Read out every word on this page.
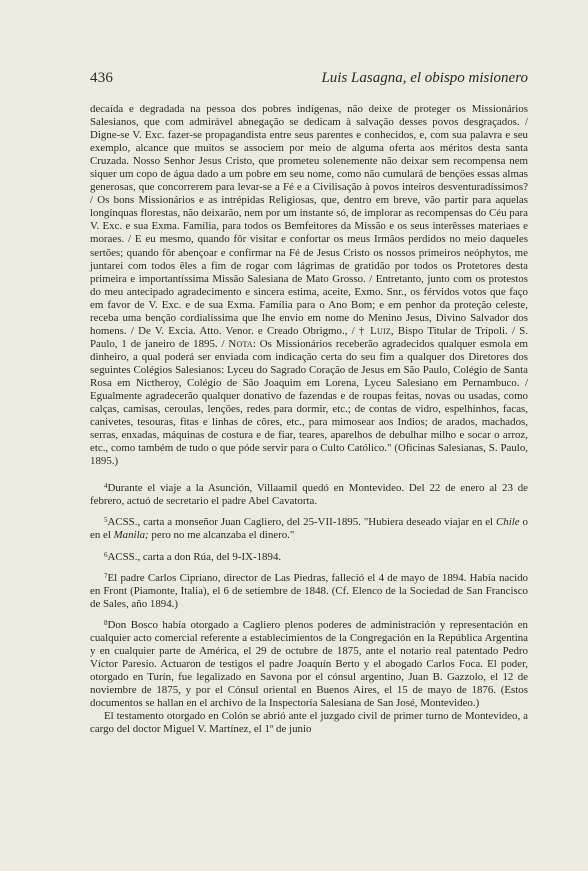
436	Luis Lasagna, el obispo misionero

decaída e degradada na pessoa dos pobres indígenas, não deixe de proteger os Missionários Salesianos, que com admirável abnegação se dedicam à salvação desses povos desgraçados. / Digne-se V. Exc. fazer-se propagandista entre seus parentes e conhecidos, e, com sua palavra e seu exemplo, alcance que muitos se associem por meio de alguma oferta aos méritos desta santa Cruzada. Nosso Senhor Jesus Cristo, que prometeu solenemente não deixar sem recompensa nem siquer um copo de água dado a um pobre em seu nome, como não cumulará de bençöes essas almas generosas, que concorrerem para levar-se a Fé e a Civilisação à povos inteiros desventuradíssimos? / Os bons Missionários e as intrépidas Religiosas, que, dentro em breve, vão partir para aquelas longínquas florestas, não deixarão, nem por um instante só, de implorar as recompensas do Céu para V. Exc. e sua Exma. Família, para todos os Bemfeitores da Missão e os seus interêsses materiaes e moraes. / E eu mesmo, quando fôr visitar e confortar os meus Irmãos perdidos no meio daqueles sertões; quando fôr abençoar e confirmar na Fé de Jesus Cristo os nossos primeiros neóphytos, me juntarei com todos êles a fim de rogar com lágrimas de gratidão por todos os Protetores desta primeira e importantíssima Missão Salesiana de Mato Grosso. / Entretanto, junto com os protestos do meu antecipado agradecimento e sincera estima, aceite, Exmo. Snr., os férvidos votos que faço em favor de V. Exc. e de sua Exma. Família para o Ano Bom; e em penhor da proteção celeste, receba uma benção cordialíssima que lhe envio em nome do Menino Jesus, Divino Salvador dos homens. / De V. Excia. Atto. Venor. e Creado Obrigmo., / † Luiz, Bispo Titular de Trípoli. / S. Paulo, 1 de janeiro de 1895. / Nota: Os Missionários receberão agradecidos qualquer esmola em dinheiro, a qual poderá ser enviada com indicação certa do seu fim a qualquer dos Diretores dos seguintes Colégios Salesianos: Lyceu do Sagrado Coração de Jesus em São Paulo, Colégio de Santa Rosa em Nictheroy, Colégio de São Joaquim em Lorena, Lyceu Salesiano em Pernambuco. / Egualmente agradecerão qualquer donativo de fazendas e de roupas feitas, novas ou usadas, como calças, camisas, ceroulas, lenções, redes para dormir, etc.; de contas de vidro, espelhinhos, facas, canivetes, tesouras, fitas e linhas de côres, etc., para mimosear aos Indios; de arados, machados, serras, enxadas, máquinas de costura e de fiar, teares, aparelhos de debulhar milho e socar o arroz, etc., como também de tudo o que póde servir para o Culto Católico." (Oficinas Salesianas, S. Paulo, 1895.)

$^4$Durante el viaje a la Asunción, Villaamil quedó en Montevideo. Del 22 de enero al 23 de febrero, actuó de secretario el padre Abel Cavatorta.

$^5$ACSS., carta a monseñor Juan Cagliero, del 25-VII-1895. "Hubiera deseado viajar en el Chile o en el Manila; pero no me alcanzaba el dinero."

$^6$ACSS., carta a don Rúa, del 9-IX-1894.

$^7$El padre Carlos Cipriano, director de Las Piedras, falleció el 4 de mayo de 1894. Había nacido en Front (Piamonte, Italia), el 6 de setiembre de 1848. (Cf. Elenco de la Sociedad de San Francisco de Sales, año 1894.)

$^8$Don Bosco había otorgado a Cagliero plenos poderes de administración y representación en cualquier acto comercial referente a establecimientos de la Congregación en la República Argentina y en cualquier parte de América, el 29 de octubre de 1875, ante el notario real patentado Pedro Víctor Paresio. Actuaron de testigos el padre Joaquín Berto y el abogado Carlos Foca. El poder, otorgado en Turín, fue legalizado en Savona por el cónsul argentino, Juan B. Gazzolo, el 12 de noviembre de 1875, y por el Cónsul oriental en Buenos Aires, el 15 de mayo de 1876. (Estos documentos se hallan en el archivo de la Inspectoría Salesiana de San José, Montevideo.)

El testamento otorgado en Colón se abrió ante el juzgado civil de primer turno de Montevideo, a cargo del doctor Miguel V. Martínez, el 1º de junio
